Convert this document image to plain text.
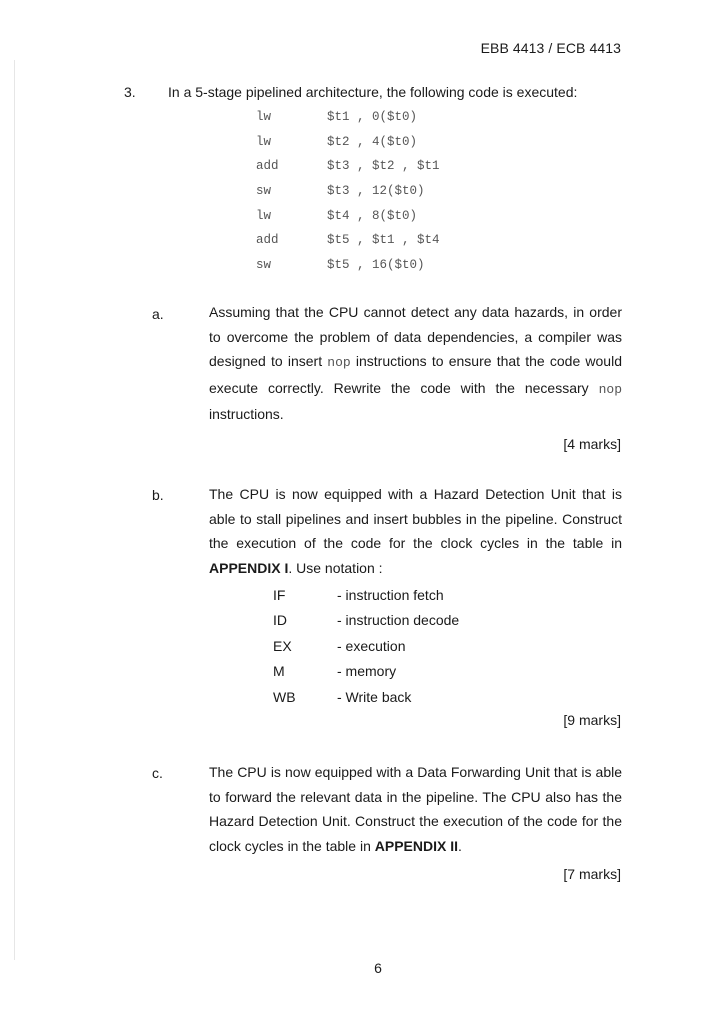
EBB 4413 / ECB 4413
3. In a 5-stage pipelined architecture, the following code is executed:
lw	$t1 , 0($t0)
lw	$t2 , 4($t0)
add	$t3 , $t2 , $t1
sw	$t3 , 12($t0)
lw	$t4 , 8($t0)
add	$t5 , $t1 , $t4
sw	$t5 , 16($t0)
a.	Assuming that the CPU cannot detect any data hazards, in order to overcome the problem of data dependencies, a compiler was designed to insert nop instructions to ensure that the code would execute correctly. Rewrite the code with the necessary nop instructions.
[4 marks]
b.	The CPU is now equipped with a Hazard Detection Unit that is able to stall pipelines and insert bubbles in the pipeline. Construct the execution of the code for the clock cycles in the table in APPENDIX I. Use notation :
IF	- instruction fetch
ID	- instruction decode
EX	- execution
M	- memory
WB	- Write back
[9 marks]
c.	The CPU is now equipped with a Data Forwarding Unit that is able to forward the relevant data in the pipeline. The CPU also has the Hazard Detection Unit. Construct the execution of the code for the clock cycles in the table in APPENDIX II.
[7 marks]
6
